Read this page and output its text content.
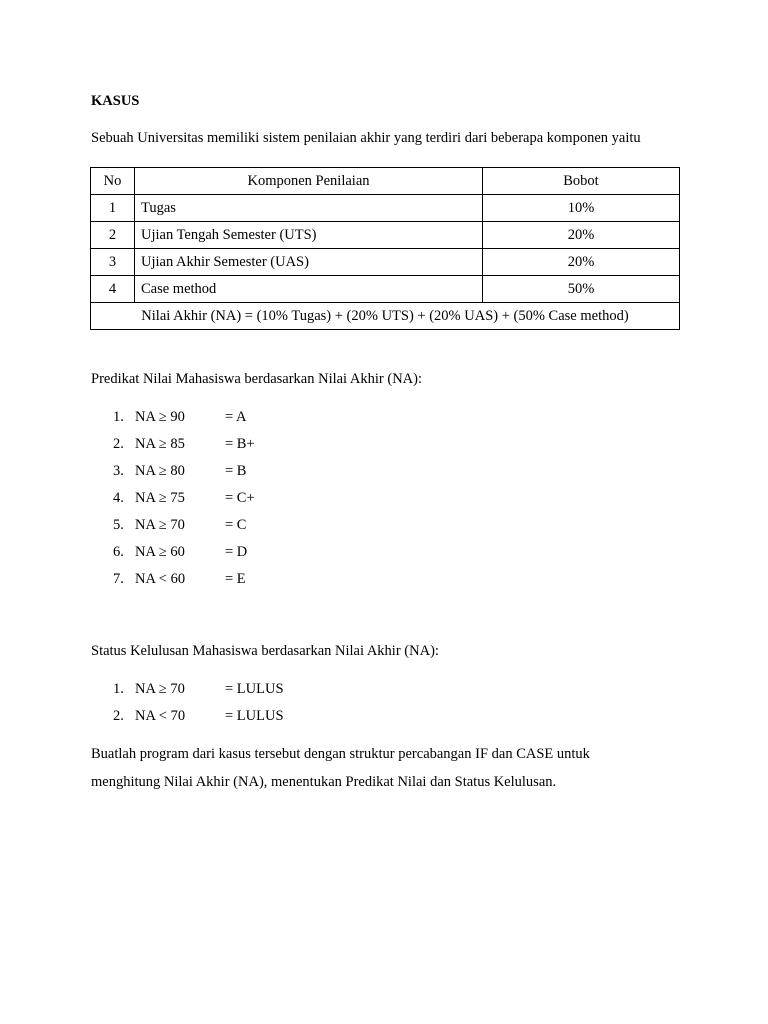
KASUS
Sebuah Universitas memiliki sistem penilaian akhir yang terdiri dari beberapa komponen yaitu
No	Komponen Penilaian	Bobot
1	Tugas	10%
2	Ujian Tengah Semester (UTS)	20%
3	Ujian Akhir Semester (UAS)	20%
4	Case method	50%
Nilai Akhir (NA) = (10% Tugas) + (20% UTS) + (20% UAS) + (50% Case method)		
Predikat Nilai Mahasiswa berdasarkan Nilai Akhir (NA):
1. NA ≥ 90	= A
2. NA ≥ 85	= B+
3. NA ≥ 80	= B
4. NA ≥ 75	= C+
5. NA ≥ 70	= C
6. NA ≥ 60	= D
7. NA < 60	= E
Status Kelulusan Mahasiswa berdasarkan Nilai Akhir (NA):
1. NA ≥ 70	= LULUS
2. NA < 70	= LULUS
Buatlah program dari kasus tersebut dengan struktur percabangan IF dan CASE untuk
menghitung Nilai Akhir (NA), menentukan Predikat Nilai dan Status Kelulusan.
